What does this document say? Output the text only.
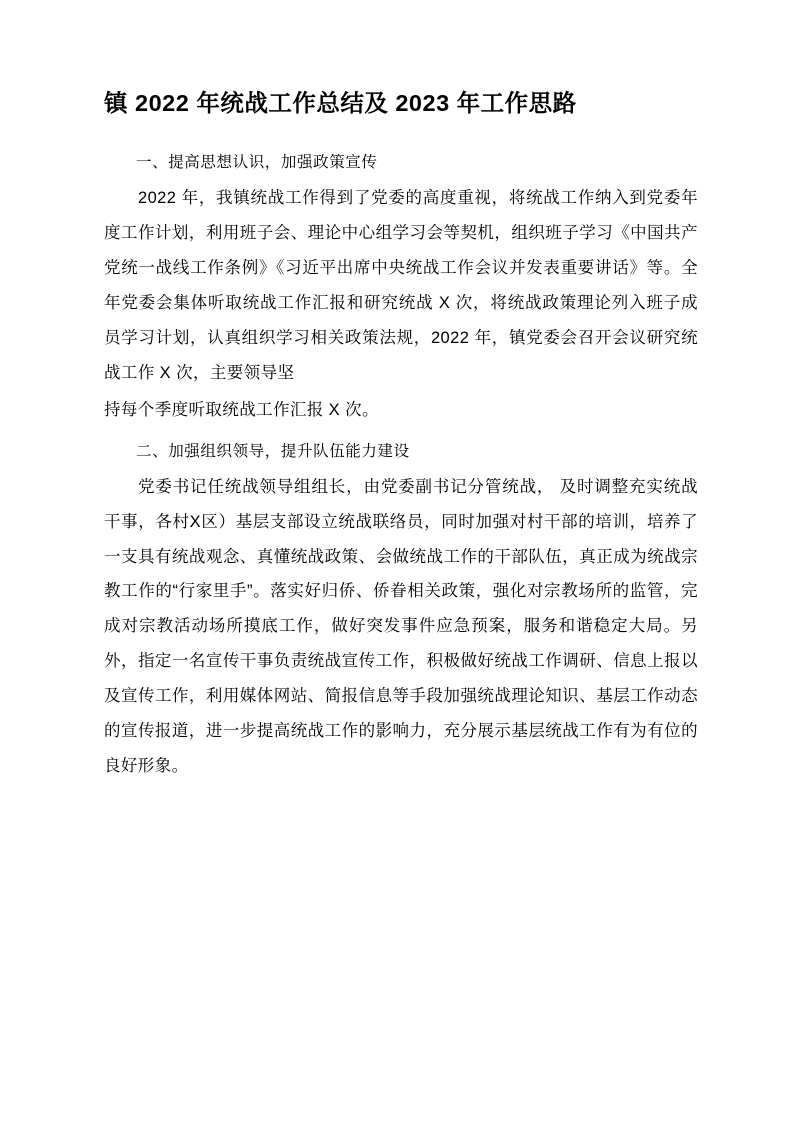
镇 2022 年统战工作总结及 2023 年工作思路

一、提高思想认识，加强政策宣传

2022 年，我镇统战工作得到了党委的高度重视，将统战工作纳入到党委年度工作计划，利用班子会、理论中心组学习会等契机，组织班子学习《中国共产党统一战线工作条例》《习近平出席中央统战工作会议并发表重要讲话》等。全年党委会集体听取统战工作汇报和研究统战 X 次，将统战政策理论列入班子成员学习计划，认真组织学习相关政策法规，2022 年，镇党委会召开会议研究统战工作 X 次，主要领导坚

持每个季度听取统战工作汇报 X 次。

二、加强组织领导，提升队伍能力建设

党委书记任统战领导组组长，由党委副书记分管统战， 及时调整充实统战干事，各村X区）基层支部设立统战联络员，同时加强对村干部的培训，培养了一支具有统战观念、真懂统战政策、会做统战工作的干部队伍，真正成为统战宗教工作的“行家里手”。落实好归侨、侨眷相关政策，强化对宗教场所的监管，完成对宗教活动场所摸底工作，做好突发事件应急预案，服务和谐稳定大局。另外，指定一名宣传干事负责统战宣传工作，积极做好统战工作调研、信息上报以及宣传工作，利用媒体网站、简报信息等手段加强统战理论知识、基层工作动态的宣传报道，进一步提高统战工作的影响力，充分展示基层统战工作有为有位的良好形象。
